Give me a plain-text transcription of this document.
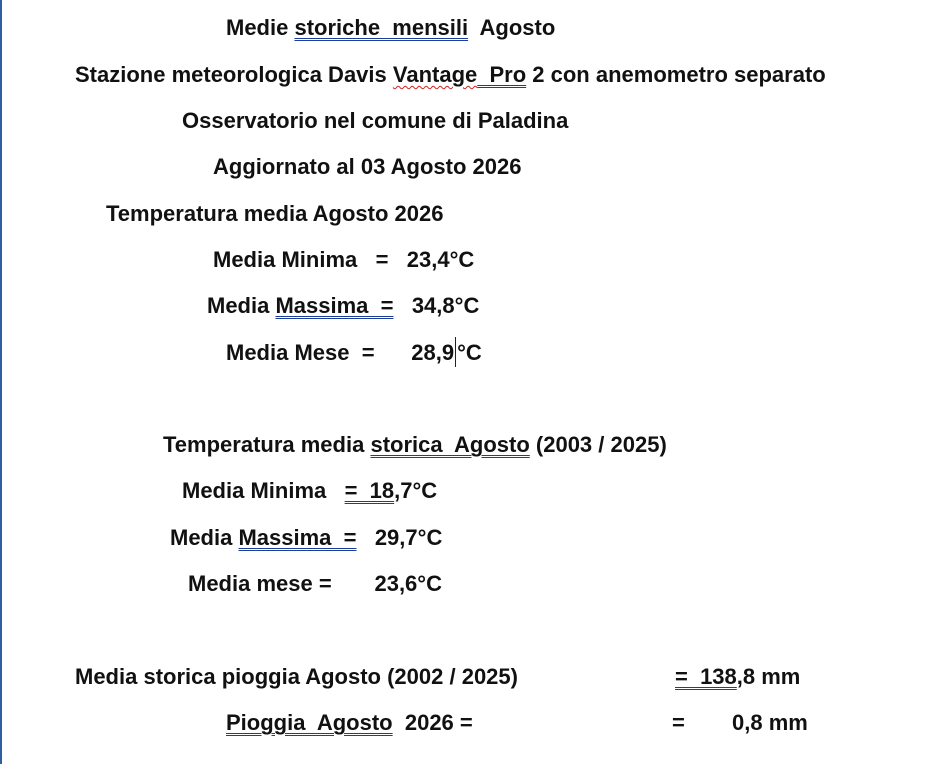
Medie storiche  mensili  Agosto
Stazione meteorologica Davis Vantage Pro 2 con anemometro separato
Osservatorio nel comune di Paladina
Aggiornato al 03 Agosto 2026
Temperatura media Agosto 2026
Media Minima   =   23,4°C
Media Massima  =   34,8°C
Media Mese  =      28,9 °C
Temperatura media storica  Agosto (2003 / 2025)
Media Minima   =  18,7°C
Media Massima  =   29,7°C
Media mese =       23,6°C
Media storica pioggia Agosto (2002 / 2025)	=  138,8 mm
Pioggia  Agosto  2026 =	= 0,8 mm
